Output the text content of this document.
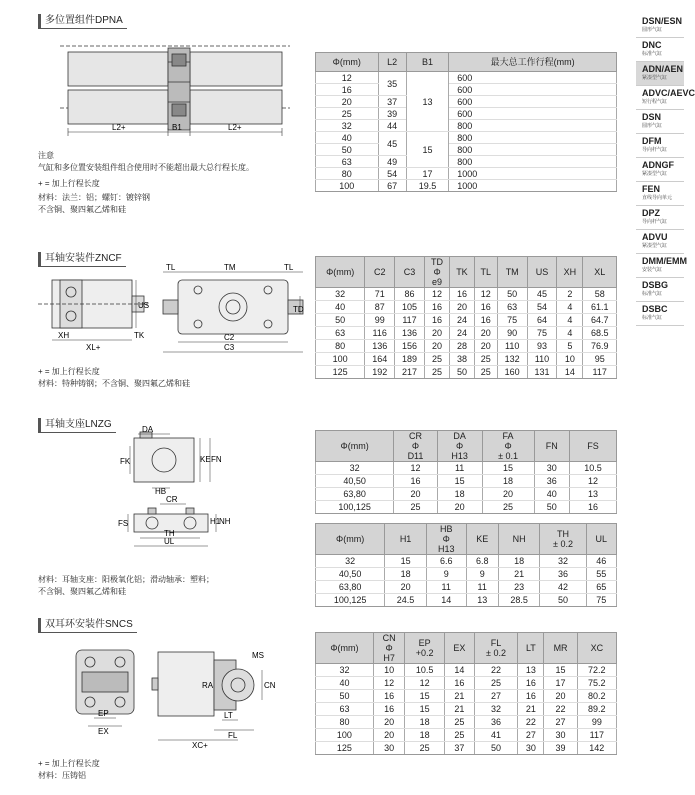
DSN/ESN
圆形气缸
DNC
标准气缸
ADN/AEN
紧凑型气缸
ADVC/AEVC
短行程气缸
DSN
圆形气缸
DFM
导向杆气缸
ADNGF
紧凑型气缸
FEN
直线导向单元
DPZ
导向杆气缸
ADVU
紧凑型气缸
DMM/EMM
安装气缸
DSBG
标准气缸
DSBC
标准气缸
多位置组件DPNA
L2+	B1	L2+
注意
气缸和多位置安装组件组合使用时不能超出最大总行程长度。
+ = 加上行程长度
材料：法兰：铝；螺钉：镀锌钢
不含铜、聚四氟乙烯和硅
Φ(mm)	L2	B1	最大总工作行程(mm)
12	35	13	600
16			600
20	37		600
25	39		600
32	44		800
40	45	15	800
50			800
63	49		800
80	54	17	1000
100	67	19.5	1000
耳轴安装件ZNCF
US
XH
XL+
TK
TL	TM	TL
TD
C2
C3
+ = 加上行程长度
材料：特种铸钢；不含铜、聚四氟乙烯和硅
Φ(mm)	C2	C3	TD
Φ
e9	TK	TL	TM	US	XH	XL
32	71	86	12	16	12	50	45	2	58
40	87	105	16	20	16	63	54	4	61.1
50	99	117	16	24	16	75	64	4	64.7
63	116	136	20	24	20	90	75	4	68.5
80	136	156	20	28	20	110	93	5	76.9
100	164	189	25	38	25	132	110	10	95
125	192	217	25	50	25	160	131	14	117
耳轴支座LNZG	DA
FK	KE FN
HB
CR
FS	H1
NH
TH
UL
材料：耳轴支座：阳极氧化铝；滑动轴承：塑料；
不含铜、聚四氟乙烯和硅
Φ(mm)	CR
Φ
D11	DA
Φ
H13	FA
Φ
± 0.1	FN	FS
32	12	11	15	30	10.5
40,50	16	15	18	36	12
63,80	20	18	20	40	13
100,125	25	20	25	50	16
Φ(mm)	H1	HB
Φ
H13	KE	NH	TH
± 0.2	UL
32	15	6.6	6.8	18	32	46
40,50	18	9	9	21	36	55
63,80	20	11	11	23	42	65
100,125	24.5	14	13	28.5	50	75
双耳环安装件SNCS
RA
MS
CN
EP
EX
LT
FL
XC+
+ = 加上行程长度
材料：压铸铝
Φ(mm)	CN
Φ
H7	EP
+0.2	EX	FL
± 0.2	LT	MR	XC
32	10	10.5	14	22	13	15	72.2
40	12	12	16	25	16	17	75.2
50	16	15	21	27	16	20	80.2
63	16	15	21	32	21	22	89.2
80	20	18	25	36	22	27	99
100	20	18	25	41	27	30	117
125	30	25	37	50	30	39	142
